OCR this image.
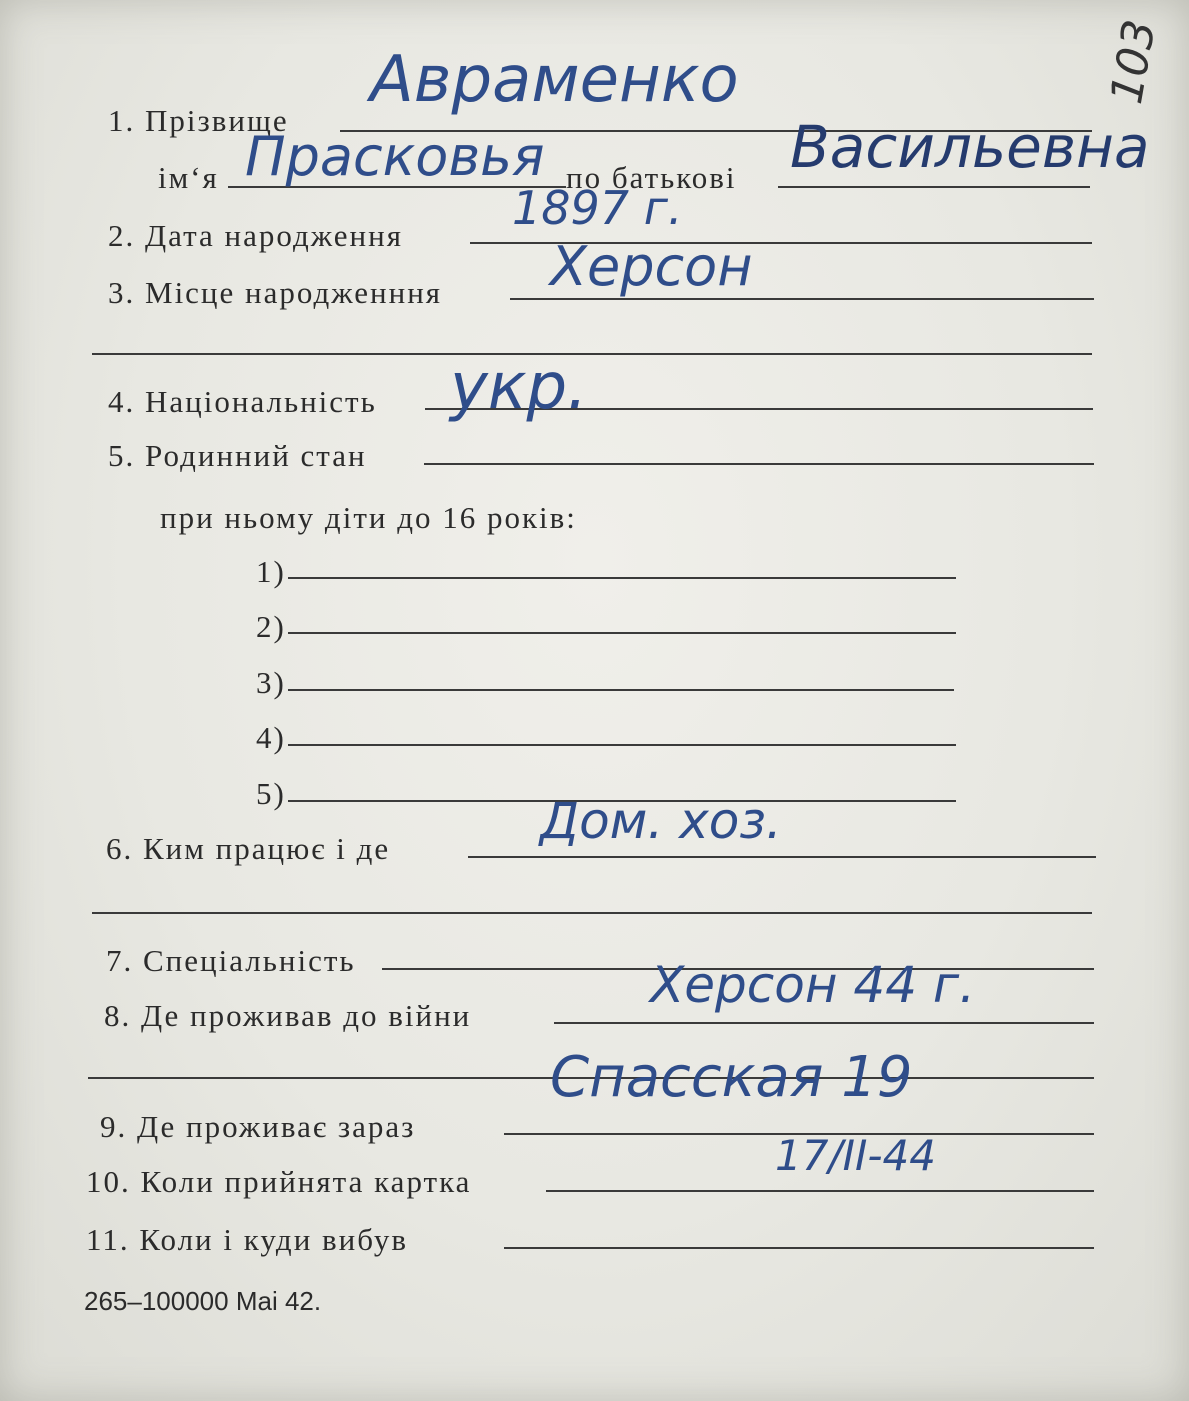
103
1. Прізвище
Авраменко
ім‘я Прасковья по батькові Васильевна
2. Дата народження
1897 г.
3. Місце народженння Херсон
4. Національність укр.
5. Родинний стан
при ньому діти до 16 років:
1)
2)
3)
4)
5)
6. Ким працює і де	Дом. хоз.
7. Спеціальність
8. Де проживав до війни
Херсон 44 г.
Спасская 19
9. Де проживає зараз
10. Коли прийнята картка
17/II-44
11. Коли і куди вибув
265–100000 Mai 42.
